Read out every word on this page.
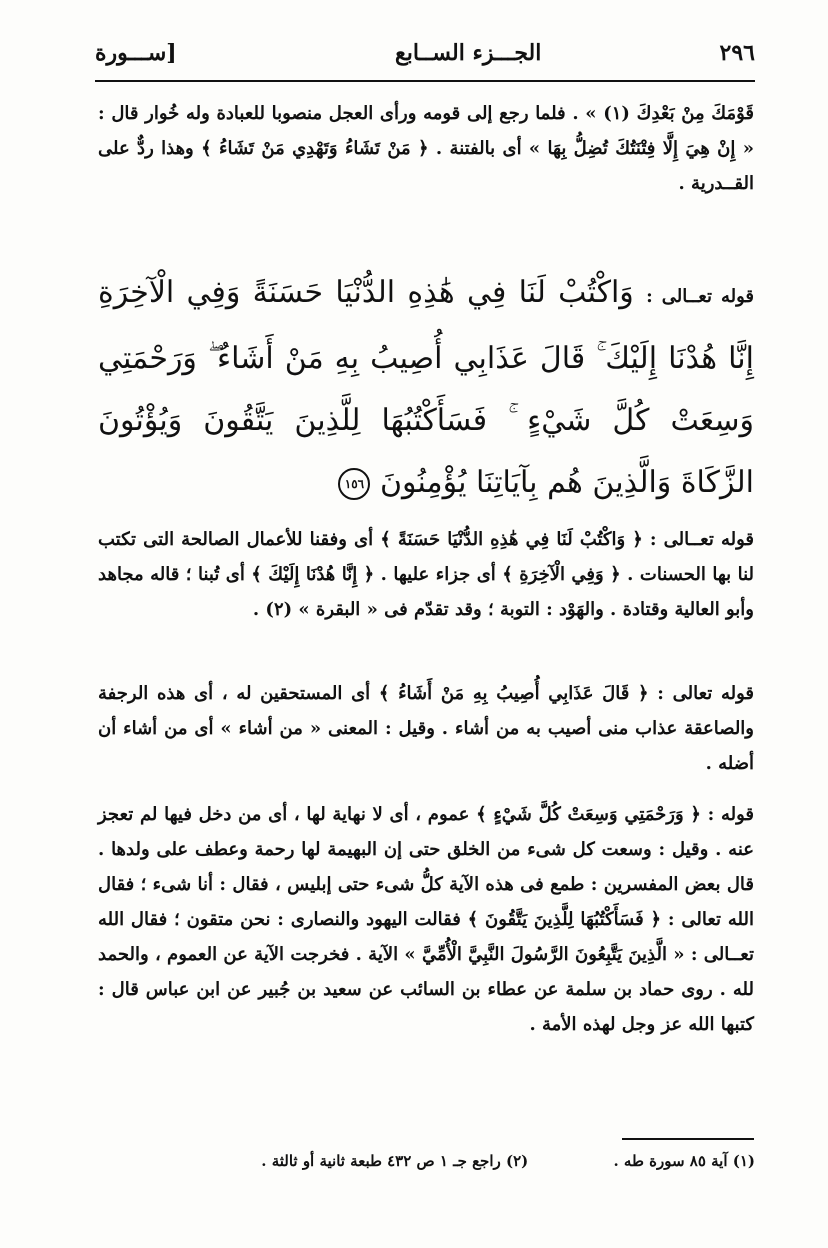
٢٩٦
الجـــزء الســابع
[ســـورة
قَوْمَكَ مِنْ بَعْدِكَ (١) » . فلما رجع إلى قومه ورأى العجل منصوبا للعبادة وله خُوار قال : « إِنْ هِيَ إِلَّا فِتْنَتُكَ تُضِلُّ بِهَا » أى بالفتنة . ﴿ مَنْ تَشَاءُ وَتَهْدِي مَنْ تَشَاءُ ﴾ وهذا ردٌّ على القــدرية .
قوله تعــالى : وَاكْتُبْ لَنَا فِي هَٰذِهِ الدُّنْيَا حَسَنَةً وَفِي الْآخِرَةِ إِنَّا هُدْنَا إِلَيْكَ ۚ قَالَ عَذَابِي أُصِيبُ بِهِ مَنْ أَشَاءُ ۖ وَرَحْمَتِي وَسِعَتْ كُلَّ شَيْءٍ ۚ فَسَأَكْتُبُهَا لِلَّذِينَ يَتَّقُونَ وَيُؤْتُونَ الزَّكَاةَ وَالَّذِينَ هُم بِآيَاتِنَا يُؤْمِنُونَ ١٥٦
قوله تعــالى : ﴿ وَاكْتُبْ لَنَا فِي هَٰذِهِ الدُّنْيَا حَسَنَةً ﴾ أى وفقنا للأعمال الصالحة التى تكتب لنا بها الحسنات . ﴿ وَفِي الْآخِرَةِ ﴾ أى جزاء عليها . ﴿ إِنَّا هُدْنَا إِلَيْكَ ﴾ أى تُبنا ؛ قاله مجاهد وأبو العالية وقتادة . والهَوْد : التوبة ؛ وقد تقدّم فى « البقرة » (٢) .
قوله تعالى : ﴿ قَالَ عَذَابِي أُصِيبُ بِهِ مَنْ أَشَاءُ ﴾ أى المستحقين له ، أى هذه الرجفة والصاعقة عذاب منى أصيب به من أشاء . وقيل : المعنى « من أشاء » أى من أشاء أن أضله .
قوله : ﴿ وَرَحْمَتِي وَسِعَتْ كُلَّ شَيْءٍ ﴾ عموم ، أى لا نهاية لها ، أى من دخل فيها لم تعجز عنه . وقيل : وسعت كل شىء من الخلق حتى إن البهيمة لها رحمة وعطف على ولدها . قال بعض المفسرين : طمع فى هذه الآية كلُّ شىء حتى إبليس ، فقال : أنا شىء ؛ فقال الله تعالى : ﴿ فَسَأَكْتُبُهَا لِلَّذِينَ يَتَّقُونَ ﴾ فقالت اليهود والنصارى : نحن متقون ؛ فقال الله تعــالى : « الَّذِينَ يَتَّبِعُونَ الرَّسُولَ النَّبِيَّ الْأُمِّيَّ » الآية . فخرجت الآية عن العموم ، والحمد لله . روى حماد بن سلمة عن عطاء بن السائب عن سعيد بن جُبير عن ابن عباس قال : كتبها الله عز وجل لهذه الأمة .
(١) آية ٨٥ سورة طه . (٢) راجع جـ ١ ص ٤٣٢ طبعة ثانية أو ثالثة .
